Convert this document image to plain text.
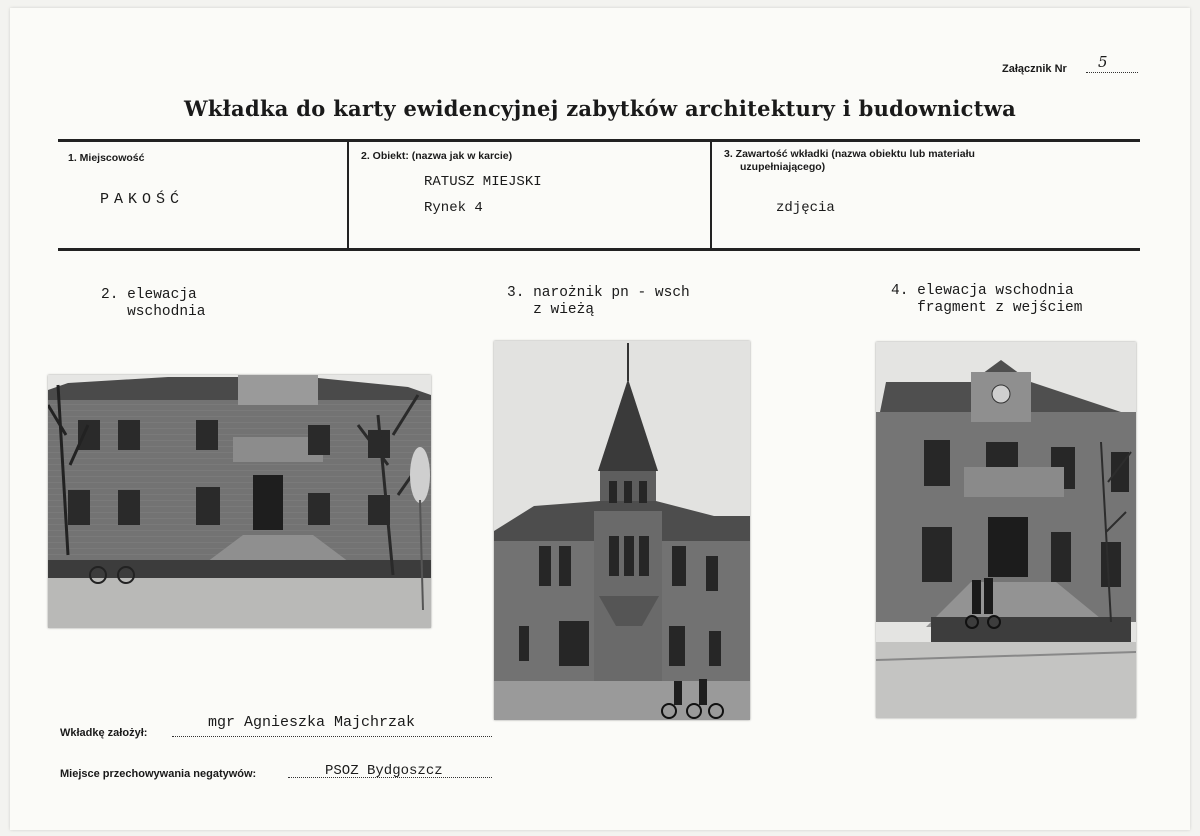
Załącznik Nr 5
Wkładka do karty ewidencyjnej zabytków architektury i budownictwa
1. Miejscowość
PAKOŚĆ
2. Obiekt: (nazwa jak w karcie)
RATUSZ MIEJSKI
Rynek 4
3. Zawartość wkładki (nazwa obiektu lub materiału
uzupełniającego)
zdjęcia
2. elewacja
wschodnia
3. narożnik pn - wsch
z wieżą
4. elewacja wschodnia
fragment z wejściem
Wkładkę założył:
mgr Agnieszka Majchrzak
Miejsce przechowywania negatywów:	PSOZ Bydgoszcz
